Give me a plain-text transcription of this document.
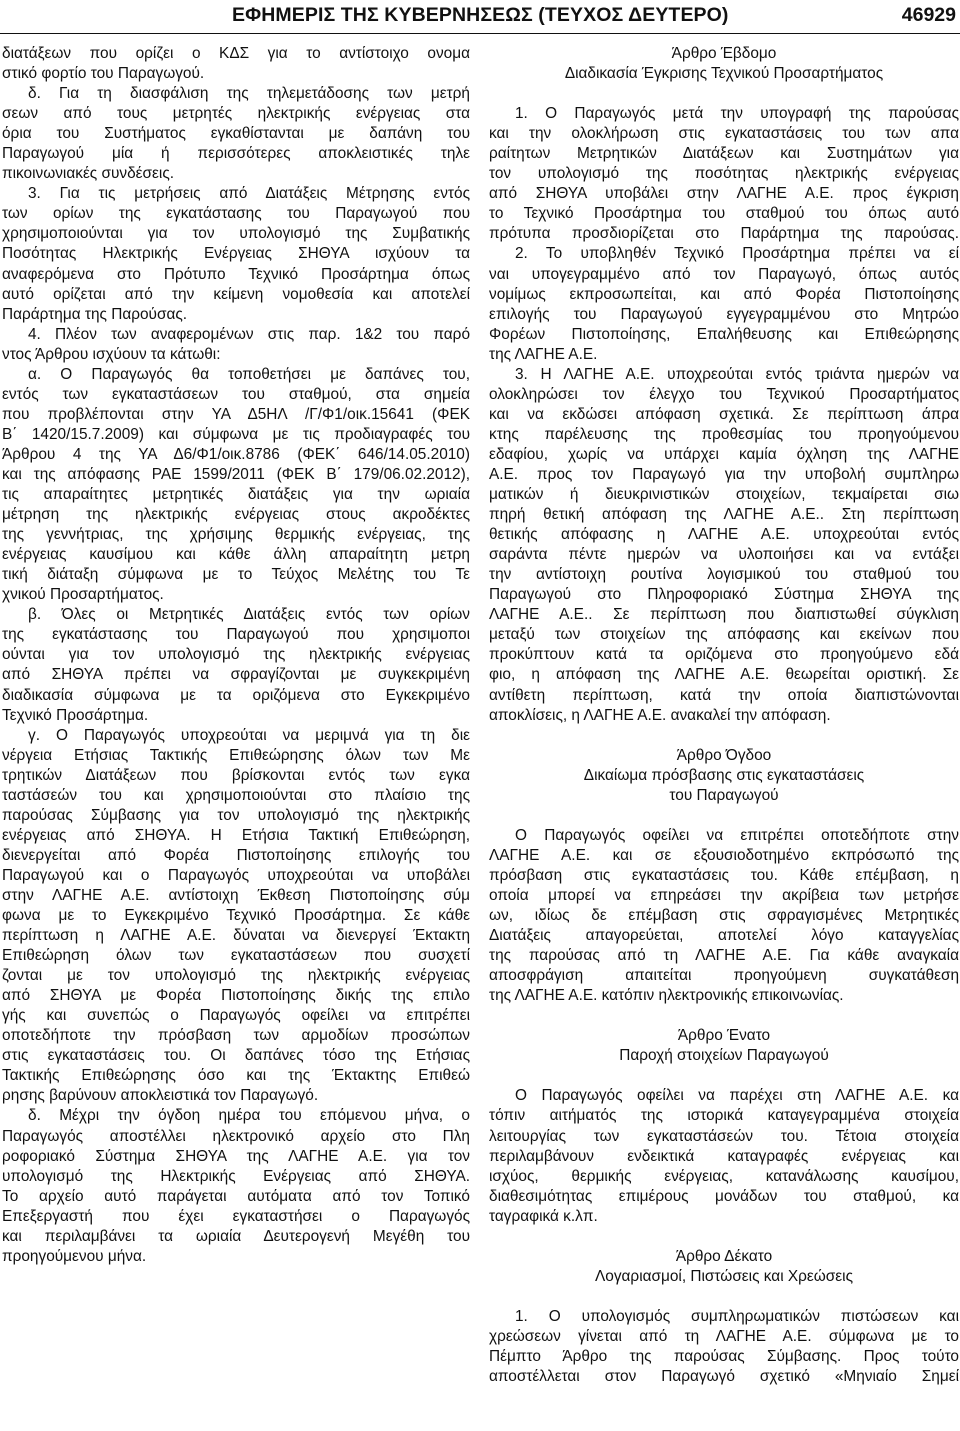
ΕΦΗΜΕΡΙΣ ΤΗΣ ΚΥΒΕΡΝΗΣΕΩΣ (ΤΕΥΧΟΣ ΔΕΥΤΕΡΟ)	46929
διατάξεων που ορίζει ο ΚΔΣ για το αντίστοιχο ονομα
στικό φορτίο του Παραγωγού.
δ. Για τη διασφάλιση της τηλεμετάδοσης των μετρή
σεων από τους μετρητές ηλεκτρικής ενέργειας στα
όρια του Συστήματος εγκαθίστανται με δαπάνη του
Παραγωγού μία ή περισσότερες αποκλειστικές τηλε
πικοινωνιακές συνδέσεις.
3. Για τις μετρήσεις από Διατάξεις Μέτρησης εντός
των ορίων της εγκατάστασης του Παραγωγού που
χρησιμοποιούνται για τον υπολογισμό της Συμβατικής
Ποσότητας Ηλεκτρικής Ενέργειας ΣΗΘΥΑ ισχύουν τα
αναφερόμενα στο Πρότυπο Τεχνικό Προσάρτημα όπως
αυτό ορίζεται από την κείμενη νομοθεσία και αποτελεί
Παράρτημα της Παρούσας.
4. Πλέον των αναφερομένων στις παρ. 1&2 του παρό
ντος Άρθρου ισχύουν τα κάτωθι:
α. Ο Παραγωγός θα τοποθετήσει με δαπάνες του,
εντός των εγκαταστάσεων του σταθμού, στα σημεία
που προβλέπονται στην ΥΑ Δ5ΗΛ /Γ/Φ1/οικ.15641 (ΦΕΚ
Β΄ 1420/15.7.2009) και σύμφωνα με τις προδιαγραφές του
Άρθρου 4 της ΥΑ Δ6/Φ1/οικ.8786 (ΦΕΚ΄ 646/14.05.2010)
και της απόφασης ΡΑΕ 1599/2011 (ΦΕΚ Β΄ 179/06.02.2012),
τις απαραίτητες μετρητικές διατάξεις για την ωριαία
μέτρηση της ηλεκτρικής ενέργειας στους ακροδέκτες
της γεννήτριας, της χρήσιμης θερμικής ενέργειας, της
ενέργειας καυσίμου και κάθε άλλη απαραίτητη μετρη
τική διάταξη σύμφωνα με το Τεύχος Μελέτης του Τε
χνικού Προσαρτήματος.
β. Όλες οι Μετρητικές Διατάξεις εντός των ορίων
της εγκατάστασης του Παραγωγού που χρησιμοποι
ούνται για τον υπολογισμό της ηλεκτρικής ενέργειας
από ΣΗΘΥΑ πρέπει να σφραγίζονται με συγκεκριμένη
διαδικασία σύμφωνα με τα οριζόμενα στο Εγκεκριμένο
Τεχνικό Προσάρτημα.
γ. Ο Παραγωγός υποχρεούται να μεριμνά για τη διε
νέργεια Ετήσιας Τακτικής Επιθεώρησης όλων των Με
τρητικών Διατάξεων που βρίσκονται εντός των εγκα
ταστάσεών του και χρησιμοποιούνται στο πλαίσιο της
παρούσας Σύμβασης για τον υπολογισμό της ηλεκτρικής
ενέργειας από ΣΗΘΥΑ. Η Ετήσια Τακτική Επιθεώρηση,
διενεργείται από Φορέα Πιστοποίησης επιλογής του
Παραγωγού και ο Παραγωγός υποχρεούται να υποβάλει
στην ΛΑΓΗΕ Α.Ε. αντίστοιχη Έκθεση Πιστοποίησης σύμ
φωνα με το Εγκεκριμένο Τεχνικό Προσάρτημα. Σε κάθε
περίπτωση η ΛΑΓΗΕ Α.Ε. δύναται να διενεργεί Έκτακτη
Επιθεώρηση όλων των εγκαταστάσεων που συσχετί
ζονται με τον υπολογισμό της ηλεκτρικής ενέργειας
από ΣΗΘΥΑ με Φορέα Πιστοποίησης δικής της επιλο
γής και συνεπώς ο Παραγωγός οφείλει να επιτρέπει
οποτεδήποτε την πρόσβαση των αρμοδίων προσώπων
στις εγκαταστάσεις του. Οι δαπάνες τόσο της Ετήσιας
Τακτικής Επιθεώρησης όσο και της Έκτακτης Επιθεώ
ρησης βαρύνουν αποκλειστικά τον Παραγωγό.
δ. Μέχρι την όγδοη ημέρα του επόμενου μήνα, ο
Παραγωγός αποστέλλει ηλεκτρονικό αρχείο στο Πλη
ροφοριακό Σύστημα ΣΗΘΥΑ της ΛΑΓΗΕ Α.Ε. για τον
υπολογισμό της Ηλεκτρικής Ενέργειας από ΣΗΘΥΑ.
Το αρχείο αυτό παράγεται αυτόματα από τον Τοπικό
Επεξεργαστή που έχει εγκαταστήσει ο Παραγωγός
και περιλαμβάνει τα ωριαία Δευτερογενή Μεγέθη του
προηγούμενου μήνα.
Άρθρο Έβδομο
Διαδικασία Έγκρισης Τεχνικού Προσαρτήματος
1. Ο Παραγωγός μετά την υπογραφή της παρούσας
και την ολοκλήρωση στις εγκαταστάσεις του των απα
ραίτητων Μετρητικών Διατάξεων και Συστημάτων για
τον υπολογισμό της ποσότητας ηλεκτρικής ενέργειας
από ΣΗΘΥΑ υποβάλει στην ΛΑΓΗΕ Α.Ε. προς έγκριση
το Τεχνικό Προσάρτημα του σταθμού του όπως αυτό
πρότυπα προσδιορίζεται στο Παράρτημα της παρούσας.
2. Το υποβληθέν Τεχνικό Προσάρτημα πρέπει να εί
ναι υπογεγραμμένο από τον Παραγωγό, όπως αυτός
νομίμως εκπροσωπείται, και από Φορέα Πιστοποίησης
επιλογής του Παραγωγού εγγεγραμμένου στο Μητρώο
Φορέων Πιστοποίησης, Επαλήθευσης και Επιθεώρησης
της ΛΑΓΗΕ Α.Ε.
3. Η ΛΑΓΗΕ Α.Ε. υποχρεούται εντός τριάντα ημερών να
ολοκληρώσει τον έλεγχο του Τεχνικού Προσαρτήματος
και να εκδώσει απόφαση σχετικά. Σε περίπτωση άπρα
κτης παρέλευσης της προθεσμίας του προηγούμενου
εδαφίου, χωρίς να υπάρχει καμία όχληση της ΛΑΓΗΕ
Α.Ε. προς τον Παραγωγό για την υποβολή συμπληρω
ματικών ή διευκρινιστικών στοιχείων, τεκμαίρεται σιω
πηρή θετική απόφαση της ΛΑΓΗΕ Α.Ε.. Στη περίπτωση
θετικής απόφασης η ΛΑΓΗΕ Α.Ε. υποχρεούται εντός
σαράντα πέντε ημερών να υλοποιήσει και να εντάξει
την αντίστοιχη ρουτίνα λογισμικού του σταθμού του
Παραγωγού στο Πληροφοριακό Σύστημα ΣΗΘΥΑ της
ΛΑΓΗΕ Α.Ε.. Σε περίπτωση που διαπιστωθεί σύγκλιση
μεταξύ των στοιχείων της απόφασης και εκείνων που
προκύπτουν κατά τα οριζόμενα στο προηγούμενο εδά
φιο, η απόφαση της ΛΑΓΗΕ Α.Ε. θεωρείται οριστική. Σε
αντίθετη περίπτωση, κατά την οποία διαπιστώνονται
αποκλίσεις, η ΛΑΓΗΕ Α.Ε. ανακαλεί την απόφαση.
Άρθρο Όγδοο
Δικαίωμα πρόσβασης στις εγκαταστάσεις
του Παραγωγού
Ο Παραγωγός οφείλει να επιτρέπει οποτεδήποτε στην
ΛΑΓΗΕ Α.Ε. και σε εξουσιοδοτημένο εκπρόσωπό της
πρόσβαση στις εγκαταστάσεις του. Κάθε επέμβαση, η
οποία μπορεί να επηρεάσει την ακρίβεια των μετρήσε
ων, ιδίως δε επέμβαση στις σφραγισμένες Μετρητικές
Διατάξεις απαγορεύεται, αποτελεί λόγο καταγγελίας
της παρούσας από τη ΛΑΓΗΕ Α.Ε. Για κάθε αναγκαία
αποσφράγιση απαιτείται προηγούμενη συγκατάθεση
της ΛΑΓΗΕ Α.Ε. κατόπιν ηλεκτρονικής επικοινωνίας.
Άρθρο Ένατο
Παροχή στοιχείων Παραγωγού
Ο Παραγωγός οφείλει να παρέχει στη ΛΑΓΗΕ Α.Ε. κα
τόπιν αιτήματός της ιστορικά καταγεγραμμένα στοιχεία
λειτουργίας των εγκαταστάσεών του. Τέτοια στοιχεία
περιλαμβάνουν ενδεικτικά καταγραφές ενέργειας και
ισχύος, θερμικής ενέργειας, κατανάλωσης καυσίμου,
διαθεσιμότητας επιμέρους μονάδων του σταθμού, κα
ταγραφικά κ.λπ.
Άρθρο Δέκατο
Λογαριασμοί, Πιστώσεις και Χρεώσεις
1. Ο υπολογισμός συμπληρωματικών πιστώσεων και
χρεώσεων γίνεται από τη ΛΑΓΗΕ Α.Ε. σύμφωνα με το
Πέμπτο Άρθρο της παρούσας Σύμβασης. Προς τούτο
αποστέλλεται στον Παραγωγό σχετικό «Μηνιαίο Σημεί
